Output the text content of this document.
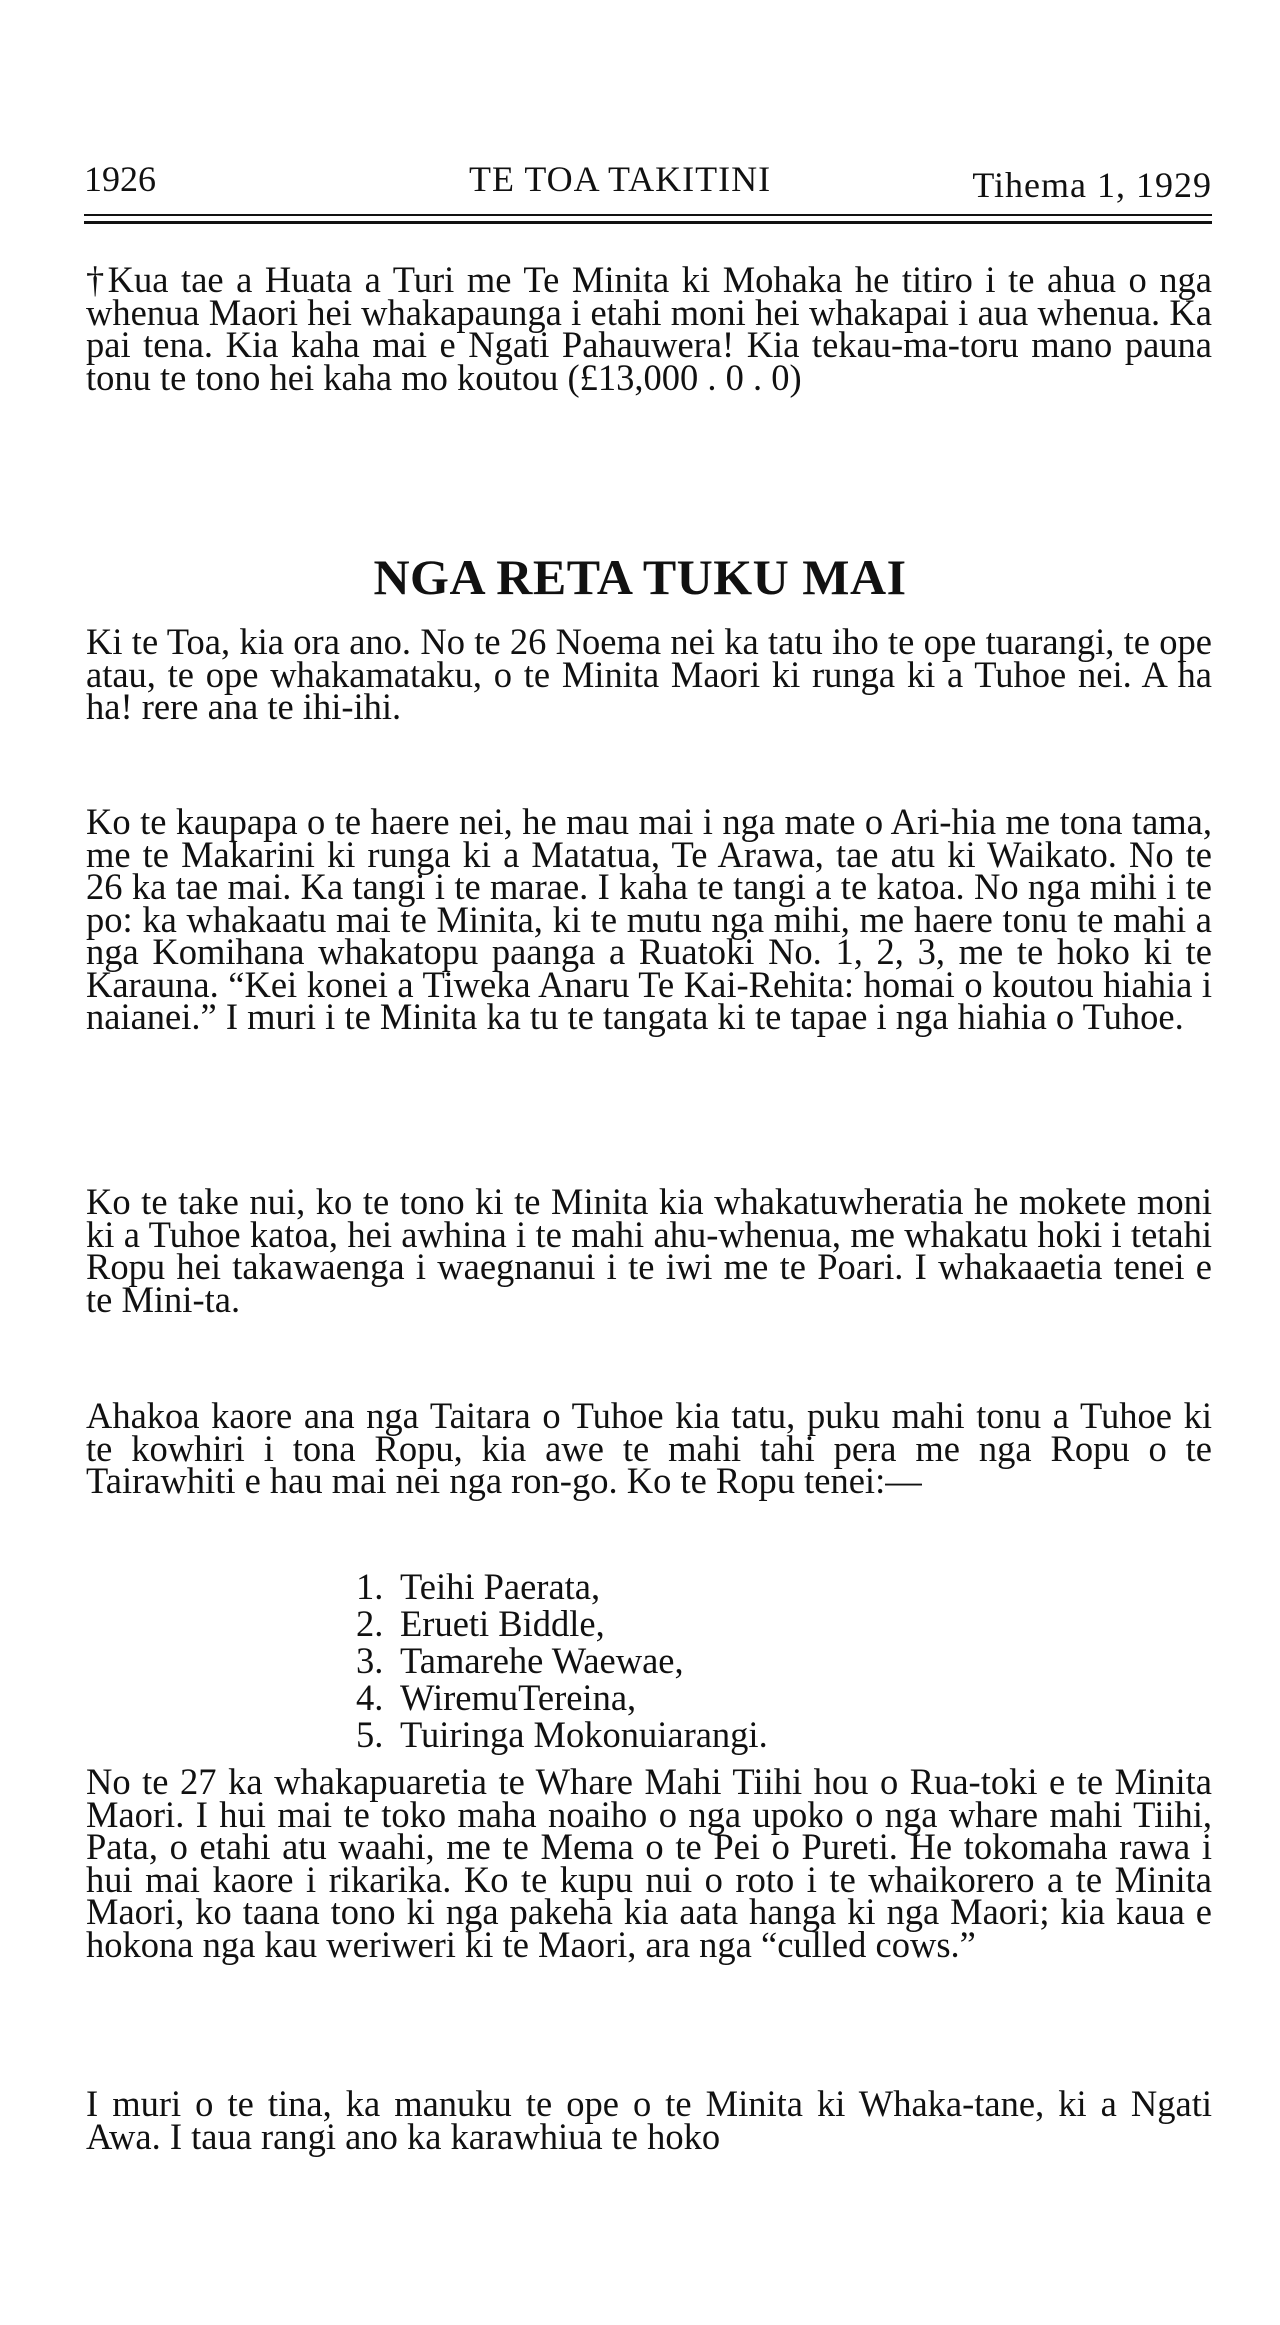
1926	TE TOA TAKITINI	Tihema 1, 1929
†Kua tae a Huata a Turi me Te Minita ki Mohaka he titiro i te ahua o nga whenua Maori hei whakapaunga i etahi moni hei whakapai i aua whenua. Ka pai tena. Kia kaha mai e Ngati Pahauwera! Kia tekau-ma-toru mano pauna tonu te tono hei kaha mo koutou (£13,000 . 0 . 0)
NGA RETA TUKU MAI
Ki te Toa, kia ora ano. No te 26 Noema nei ka tatu iho te ope tuarangi, te ope atau, te ope whakamataku, o te Minita Maori ki runga ki a Tuhoe nei. A ha ha! rere ana te ihi-ihi.
Ko te kaupapa o te haere nei, he mau mai i nga mate o Ari-hia me tona tama, me te Makarini ki runga ki a Matatua, Te Arawa, tae atu ki Waikato. No te 26 ka tae mai. Ka tangi i te marae. I kaha te tangi a te katoa. No nga mihi i te po: ka whakaatu mai te Minita, ki te mutu nga mihi, me haere tonu te mahi a nga Komihana whakatopu paanga a Ruatoki No. 1, 2, 3, me te hoko ki te Karauna. “Kei konei a Tiweka Anaru Te Kai-Rehita: homai o koutou hiahia i naianei.” I muri i te Minita ka tu te tangata ki te tapae i nga hiahia o Tuhoe.
Ko te take nui, ko te tono ki te Minita kia whakatuwheratia he mokete moni ki a Tuhoe katoa, hei awhina i te mahi ahu-whenua, me whakatu hoki i tetahi Ropu hei takawaenga i waegnanui i te iwi me te Poari. I whakaaetia tenei e te Mini-ta.
Ahakoa kaore ana nga Taitara o Tuhoe kia tatu, puku mahi tonu a Tuhoe ki te kowhiri i tona Ropu, kia awe te mahi tahi pera me nga Ropu o te Tairawhiti e hau mai nei nga ron-go. Ko te Ropu tenei:—
1. Teihi Paerata,
2. Erueti Biddle,
3. Tamarehe Waewae,
4. WiremuTereina,
5. Tuiringa Mokonuiarangi.
No te 27 ka whakapuaretia te Whare Mahi Tiihi hou o Rua-toki e te Minita Maori. I hui mai te toko maha noaiho o nga upoko o nga whare mahi Tiihi, Pata, o etahi atu waahi, me te Mema o te Pei o Pureti. He tokomaha rawa i hui mai kaore i rikarika. Ko te kupu nui o roto i te whaikorero a te Minita Maori, ko taana tono ki nga pakeha kia aata hanga ki nga Maori; kia kaua e hokona nga kau weriweri ki te Maori, ara nga “culled cows.”
I muri o te tina, ka manuku te ope o te Minita ki Whaka-tane, ki a Ngati Awa. I taua rangi ano ka karawhiua te hoko
